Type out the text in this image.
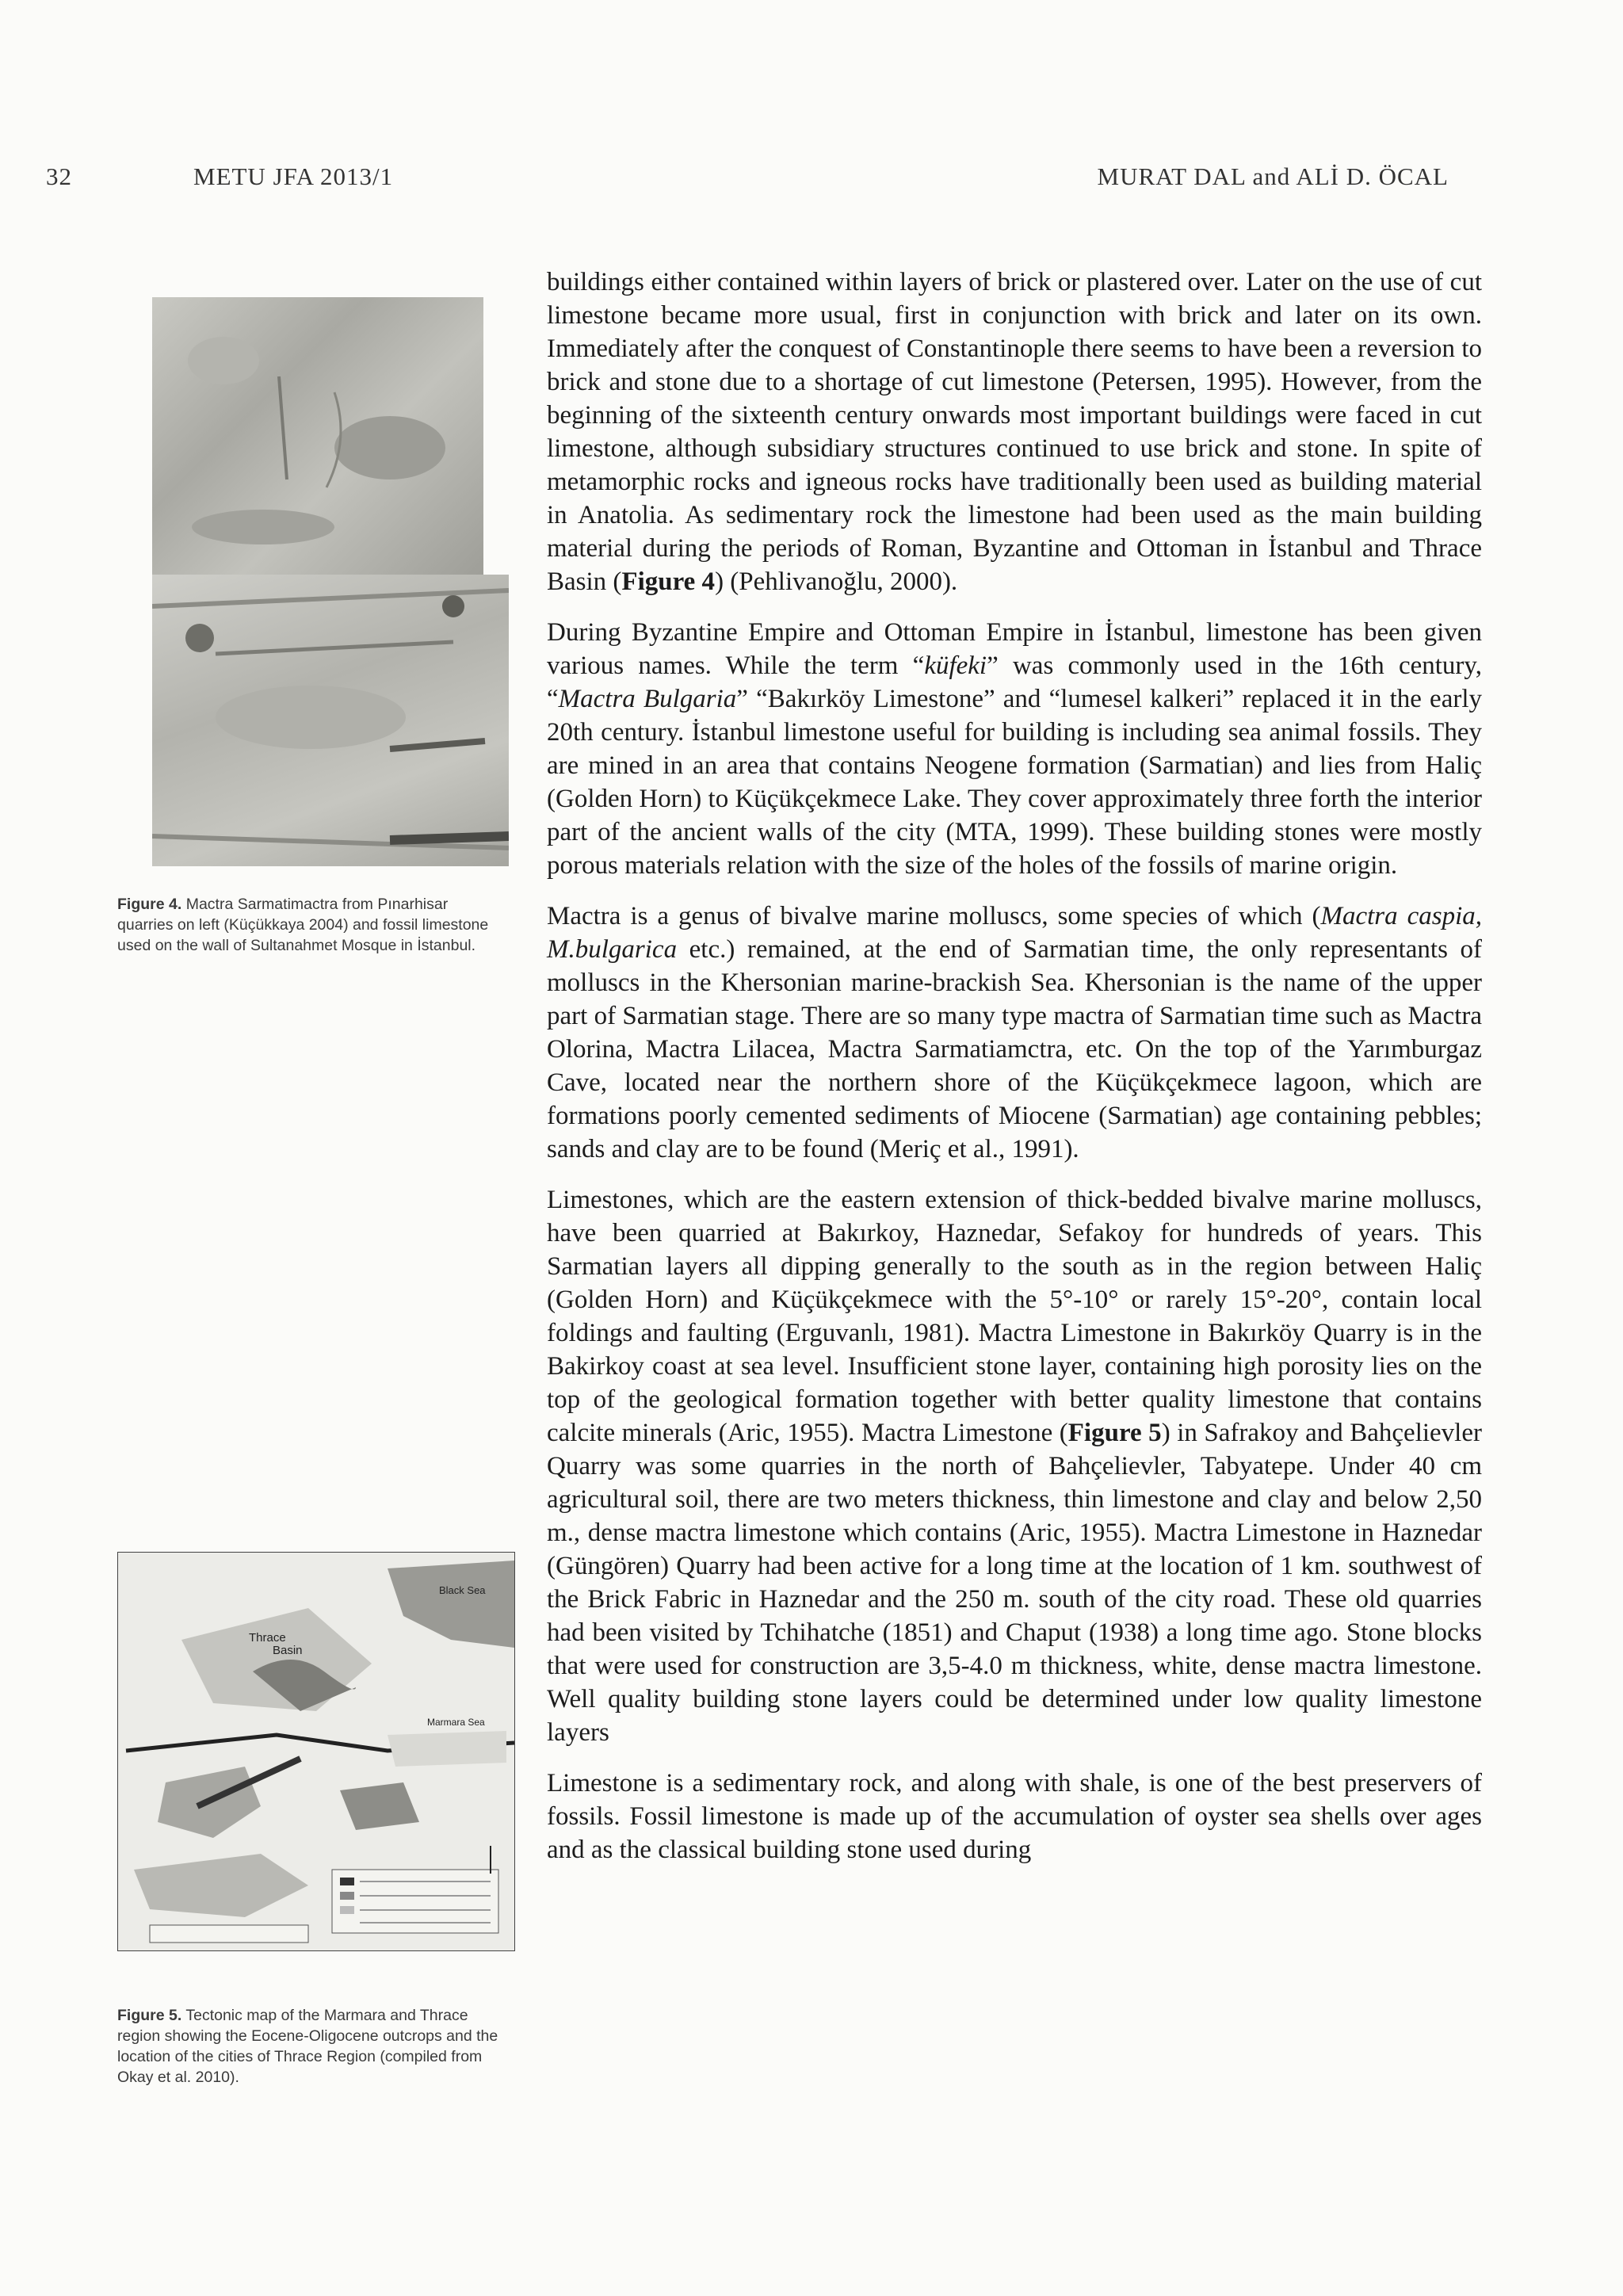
32	METU JFA 2013/1	MURAT DAL and ALİ D. ÖCAL
Figure 4. Mactra Sarmatimactra from Pınarhisar quarries on left (Küçükkaya 2004) and fossil limestone used on the wall of Sultanahmet Mosque in İstanbul.
Black Sea
Thrace
Basin
Marmara Sea
Figure 5. Tectonic map of the Marmara and Thrace region showing the Eocene-Oligocene outcrops and the location of the cities of Thrace Region (compiled from Okay et al. 2010).

buildings either contained within layers of brick or plastered over. Later on the use of cut limestone became more usual, first in conjunction with brick and later on its own. Immediately after the conquest of Constantinople there seems to have been a reversion to brick and stone due to a shortage of cut limestone (Petersen, 1995). However, from the beginning of the sixteenth century onwards most important buildings were faced in cut limestone, although subsidiary structures continued to use brick and stone. In spite of metamorphic rocks and igneous rocks have traditionally been used as building material in Anatolia. As sedimentary rock the limestone had been used as the main building material during the periods of Roman, Byzantine and Ottoman in İstanbul and Thrace Basin (Figure 4) (Pehlivanoğlu, 2000).

During Byzantine Empire and Ottoman Empire in İstanbul, limestone has been given various names. While the term “küfeki” was commonly used in the 16th century, “Mactra Bulgaria” “Bakırköy Limestone” and “lumesel kalkeri” replaced it in the early 20th century. İstanbul limestone useful for building is including sea animal fossils. They are mined in an area that contains Neogene formation (Sarmatian) and lies from Haliç (Golden Horn) to Küçükçekmece Lake. They cover approximately three forth the interior part of the ancient walls of the city (MTA, 1999). These building stones were mostly porous materials relation with the size of the holes of the fossils of marine origin.

Mactra is a genus of bivalve marine molluscs, some species of which (Mactra caspia, M.bulgarica etc.) remained, at the end of Sarmatian time, the only representants of molluscs in the Khersonian marine-brackish Sea. Khersonian is the name of the upper part of Sarmatian stage. There are so many type mactra of Sarmatian time such as Mactra Olorina, Mactra Lilacea, Mactra Sarmatiamctra, etc. On the top of the Yarımburgaz Cave, located near the northern shore of the Küçükçekmece lagoon, which are formations poorly cemented sediments of Miocene (Sarmatian) age containing pebbles; sands and clay are to be found (Meriç et al., 1991).

Limestones, which are the eastern extension of thick-bedded bivalve marine molluscs, have been quarried at Bakırkoy, Haznedar, Sefakoy for hundreds of years. This Sarmatian layers all dipping generally to the south as in the region between Haliç (Golden Horn) and Küçükçekmece with the 5°-10° or rarely 15°-20°, contain local foldings and faulting (Erguvanlı, 1981). Mactra Limestone in Bakırköy Quarry is in the Bakirkoy coast at sea level. Insufficient stone layer, containing high porosity lies on the top of the geological formation together with better quality limestone that contains calcite minerals (Aric, 1955). Mactra Limestone (Figure 5) in Safrakoy and Bahçelievler Quarry was some quarries in the north of Bahçelievler, Tabyatepe. Under 40 cm agricultural soil, there are two meters thickness, thin limestone and clay and below 2,50 m., dense mactra limestone which contains (Aric, 1955). Mactra Limestone in Haznedar (Güngören) Quarry had been active for a long time at the location of 1 km. southwest of the Brick Fabric in Haznedar and the 250 m. south of the city road. These old quarries had been visited by Tchihatche (1851) and Chaput (1938) a long time ago. Stone blocks that were used for construction are 3,5-4.0 m thickness, white, dense mactra limestone. Well quality building stone layers could be determined under low quality limestone layers

Limestone is a sedimentary rock, and along with shale, is one of the best preservers of fossils. Fossil limestone is made up of the accumulation of oyster sea shells over ages and as the classical building stone used during
